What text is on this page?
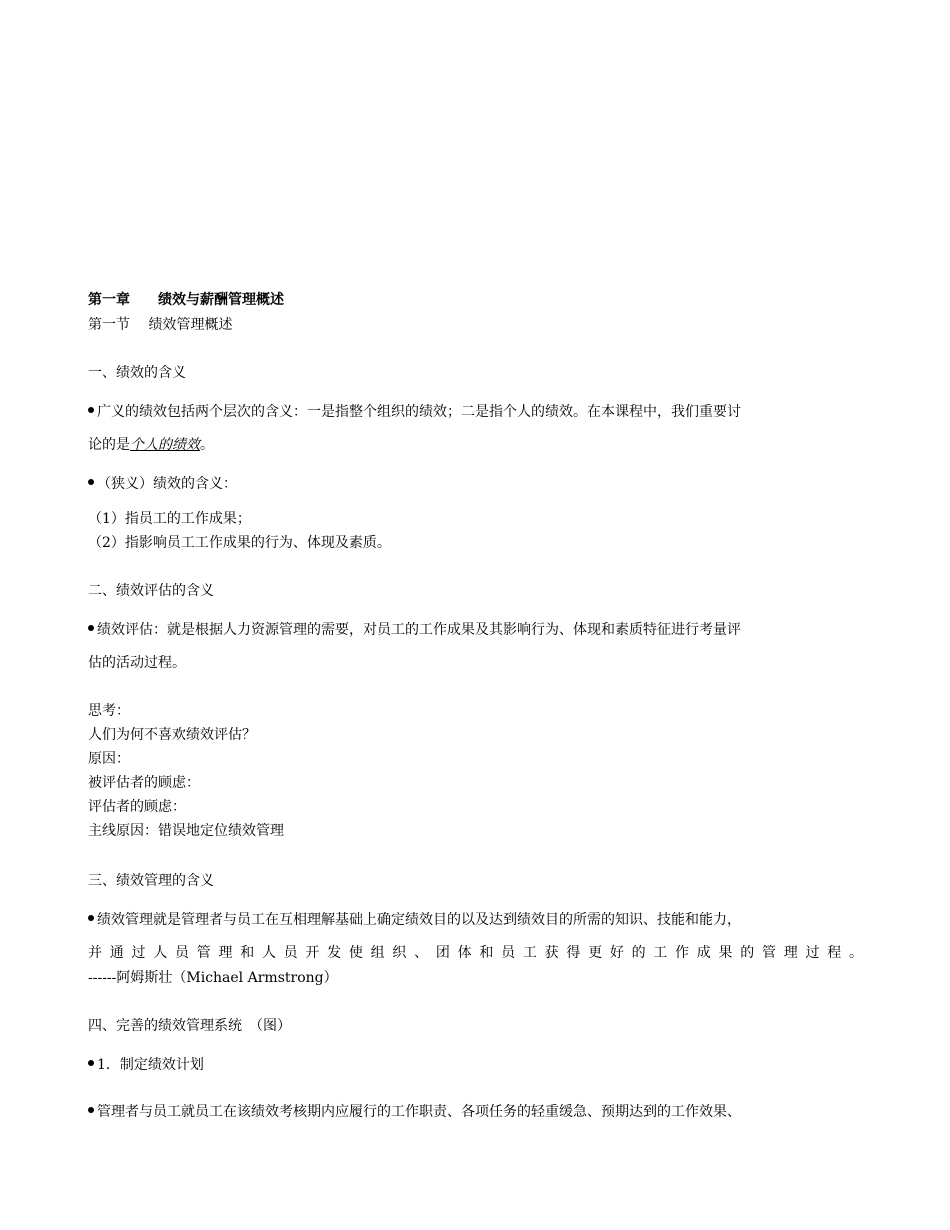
第一章　　绩效与薪酬管理概述
第一节　 绩效管理概述
一、绩效的含义
广义的绩效包括两个层次的含义：一是指整个组织的绩效；二是指个人的绩效。在本课程中，我们重要讨
论的是个人的绩效。
（狭义）绩效的含义：
（1）指员工的工作成果；
（2）指影响员工工作成果的行为、体现及素质。
二、绩效评估的含义
绩效评估：就是根据人力资源管理的需要，对员工的工作成果及其影响行为、体现和素质特征进行考量评
估的活动过程。
思考：
人们为何不喜欢绩效评估？
原因：
被评估者的顾虑：
评估者的顾虑：
主线原因：错误地定位绩效管理
三、绩效管理的含义
绩效管理就是管理者与员工在互相理解基础上确定绩效目的以及达到绩效目的所需的知识、技能和能力，
并通过人员管理和人员开发使组织、团体和员工获得更好的工作成果的管理过程。
------阿姆斯壮（Michael Armstrong）
四、完善的绩效管理系统　（图）
1．制定绩效计划
管理者与员工就员工在该绩效考核期内应履行的工作职责、各项任务的轻重缓急、预期达到的工作效果、
